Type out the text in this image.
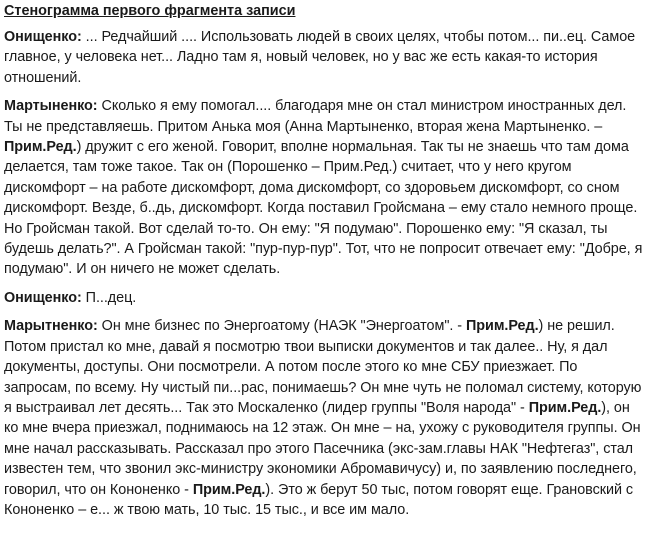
Стенограмма первого фрагмента записи

Онищенко: ... Редчайший .... Использовать людей в своих целях, чтобы потом... пи..ец. Самое главное, у человека нет... Ладно там я, новый человек, но у вас же есть какая-то история отношений.

Мартыненко: Сколько я ему помогал.... благодаря мне он стал министром иностранных дел. Ты не представляешь. Притом Анька моя (Анна Мартыненко, вторая жена Мартыненко. – Прим.Ред.) дружит с его женой. Говорит, вполне нормальная. Так ты не знаешь что там дома делается, там тоже такое. Так он (Порошенко – Прим.Ред.) считает, что у него кругом дискомфорт – на работе дискомфорт, дома дискомфорт, со здоровьем дискомфорт, со сном дискомфорт. Везде, б..дь, дискомфорт. Когда поставил Гройсмана – ему стало немного проще. Но Гройсман такой. Вот сделай то-то. Он ему: "Я подумаю". Порошенко ему: "Я сказал, ты будешь делать?". А Гройсман такой: "пур-пур-пур". Тот, что не попросит отвечает ему: "Добре, я подумаю". И он ничего не может сделать.

Онищенко: П...дец.

Марытненко: Он мне бизнес по Энергоатому (НАЭК "Энергоатом". - Прим.Ред.) не решил. Потом пристал ко мне, давай я посмотрю твои выписки документов и так далее.. Ну, я дал документы, доступы. Они посмотрели. А потом после этого ко мне СБУ приезжает. По запросам, по всему. Ну чистый пи...рас, понимаешь? Он мне чуть не поломал систему, которую я выстраивал лет десять... Так это Москаленко (лидер группы "Воля народа" - Прим.Ред.), он ко мне вчера приезжал, поднимаюсь на 12 этаж. Он мне – на, ухожу с руководителя группы. Он мне начал рассказывать. Рассказал про этого Пасечника (экс-зам.главы НАК "Нефтегаз", стал известен тем, что звонил экс-министру экономики Абромавичусу) и, по заявлению последнего, говорил, что он Кононенко - Прим.Ред.). Это ж берут 50 тыс, потом говорят еще. Грановский с Кононенко – е... ж твою мать, 10 тыс. 15 тыс., и все им мало.
